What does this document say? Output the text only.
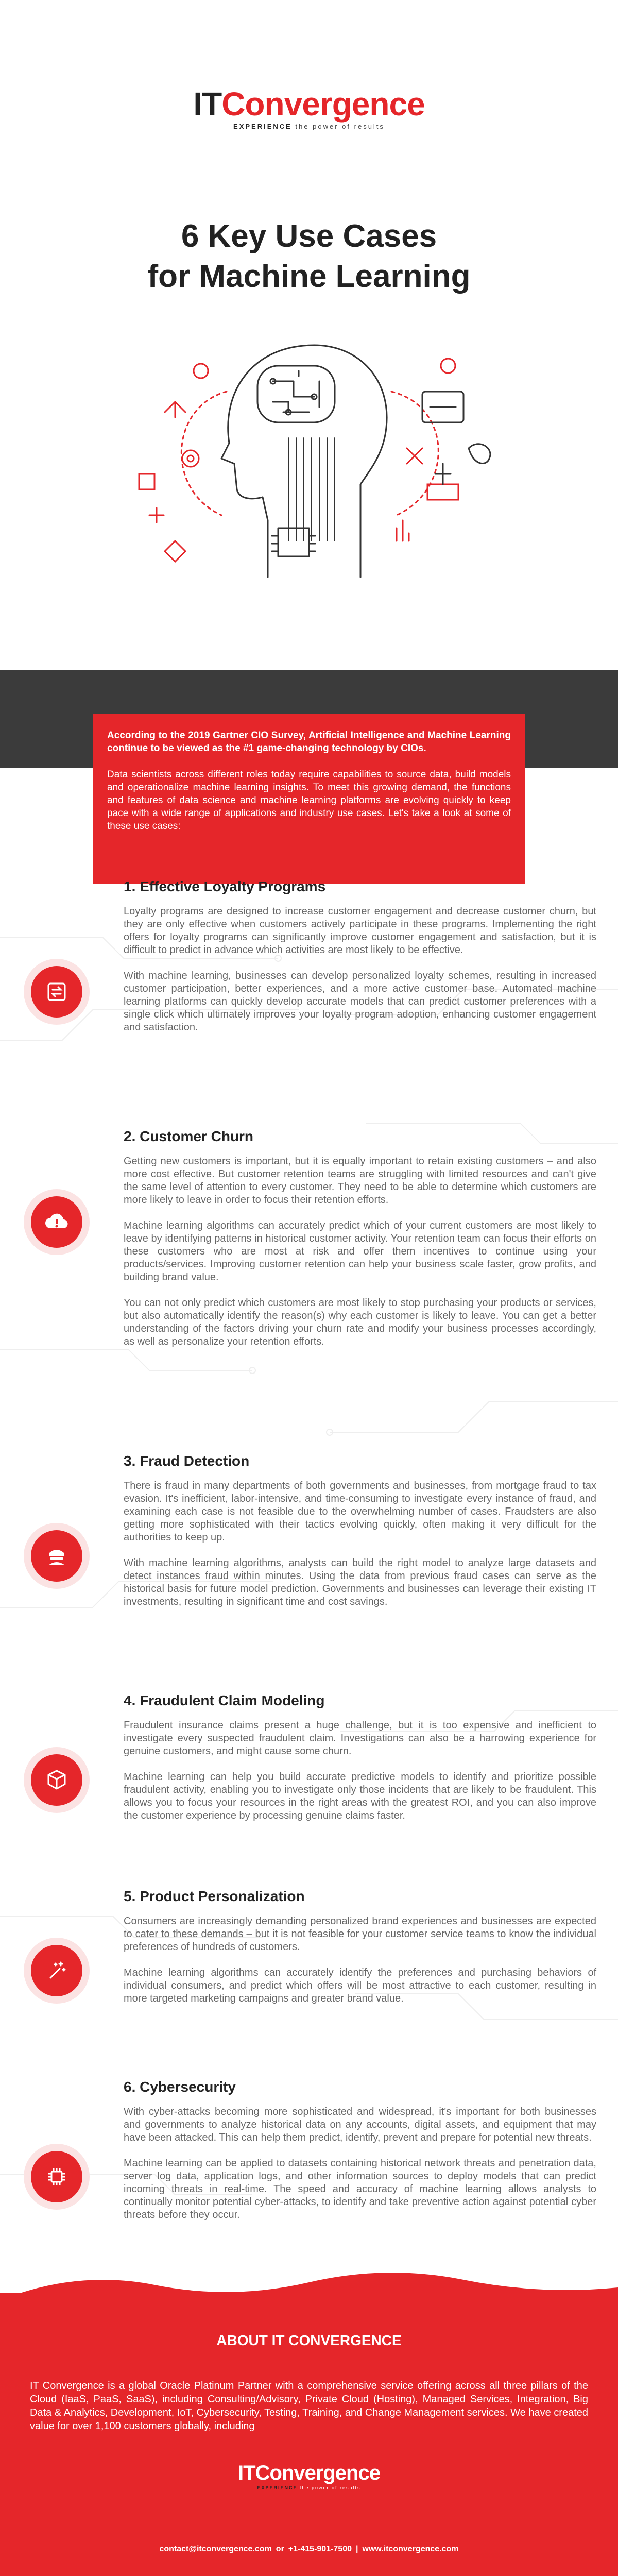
ITConvergence
EXPERIENCE the power of results
6 Key Use Cases
for Machine Learning

According to the 2019 Gartner CIO Survey, Artificial Intelligence and Machine Learning continue to be viewed as the #1 game-changing technology by CIOs.

Data scientists across different roles today require capabilities to source data, build models and operationalize machine learning insights. To meet this growing demand, the functions and features of data science and machine learning platforms are evolving quickly to keep pace with a wide range of applications and industry use cases. Let's take a look at some of these use cases:

1. Effective Loyalty Programs

Loyalty programs are designed to increase customer engagement and decrease customer churn, but they are only effective when customers actively participate in these programs. Implementing the right offers for loyalty programs can significantly improve customer engagement and satisfaction, but it is difficult to predict in advance which activities are most likely to be effective.

With machine learning, businesses can develop personalized loyalty schemes, resulting in increased customer participation, better experiences, and a more active customer base. Automated machine learning platforms can quickly develop accurate models that can predict customer preferences with a single click which ultimately improves your loyalty program adoption, enhancing customer engagement and satisfaction.

2. Customer Churn

Getting new customers is important, but it is equally important to retain existing customers – and also more cost effective. But customer retention teams are struggling with limited resources and can't give the same level of attention to every customer. They need to be able to determine which customers are more likely to leave in order to focus their retention efforts.

Machine learning algorithms can accurately predict which of your current customers are most likely to leave by identifying patterns in historical customer activity. Your retention team can focus their efforts on these customers who are most at risk and offer them incentives to continue using your products/services. Improving customer retention can help your business scale faster, grow profits, and building brand value.

You can not only predict which customers are most likely to stop purchasing your products or services, but also automatically identify the reason(s) why each customer is likely to leave. You can get a better understanding of the factors driving your churn rate and modify your business processes accordingly, as well as personalize your retention efforts.

3. Fraud Detection

There is fraud in many departments of both governments and businesses, from mortgage fraud to tax evasion. It's inefficient, labor-intensive, and time-consuming to investigate every instance of fraud, and examining each case is not feasible due to the overwhelming number of cases. Fraudsters are also getting more sophisticated with their tactics evolving quickly, often making it very difficult for the authorities to keep up.

With machine learning algorithms, analysts can build the right model to analyze large datasets and detect instances fraud within minutes. Using the data from previous fraud cases can serve as the historical basis for future model prediction. Governments and businesses can leverage their existing IT investments, resulting in significant time and cost savings.

4. Fraudulent Claim Modeling

Fraudulent insurance claims present a huge challenge, but it is too expensive and inefficient to investigate every suspected fraudulent claim. Investigations can also be a harrowing experience for genuine customers, and might cause some churn.

Machine learning can help you build accurate predictive models to identify and prioritize possible fraudulent activity, enabling you to investigate only those incidents that are likely to be fraudulent. This allows you to focus your resources in the right areas with the greatest ROI, and you can also improve the customer experience by processing genuine claims faster.

5. Product Personalization

Consumers are increasingly demanding personalized brand experiences and businesses are expected to cater to these demands – but it is not feasible for your customer service teams to know the individual preferences of hundreds of customers.

Machine learning algorithms can accurately identify the preferences and purchasing behaviors of individual consumers, and predict which offers will be most attractive to each customer, resulting in more targeted marketing campaigns and greater brand value.

6. Cybersecurity

With cyber-attacks becoming more sophisticated and widespread, it's important for both businesses and governments to analyze historical data on any accounts, digital assets, and equipment that may have been attacked. This can help them predict, identify, prevent and prepare for potential new threats.

Machine learning can be applied to datasets containing historical network threats and penetration data, server log data, application logs, and other information sources to deploy models that can predict incoming threats in real-time. The speed and accuracy of machine learning allows analysts to continually monitor potential cyber-attacks, to identify and take preventive action against potential cyber threats before they occur.

ABOUT IT CONVERGENCE

IT Convergence is a global Oracle Platinum Partner with a comprehensive service offering across all three pillars of the Cloud (IaaS, PaaS, SaaS), including Consulting/Advisory, Private Cloud (Hosting), Managed Services, Integration, Big Data & Analytics, Development, IoT, Cybersecurity, Testing, Training, and Change Management services. We have created value for over 1,100 customers globally, including

ITConvergence
EXPERIENCE the power of results
contact@itconvergence.com or +1-415-901-7500 | www.itconvergence.com
